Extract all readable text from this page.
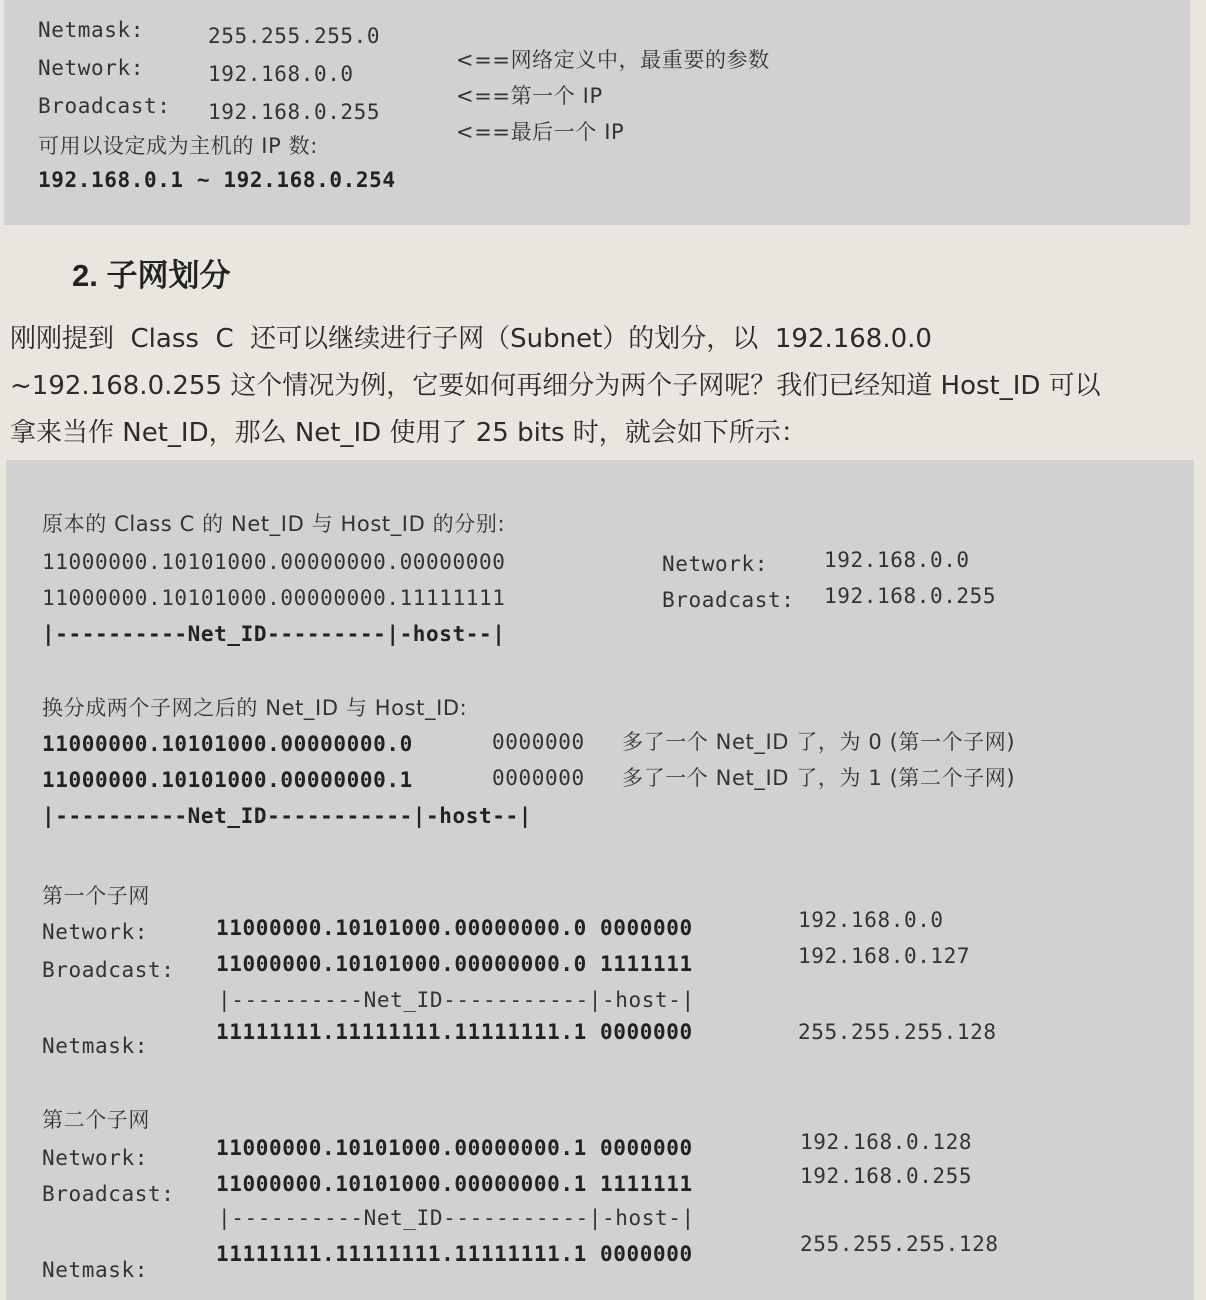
Netmask:	255.255.255.0
<==网络定义中，最重要的参数
Network:	192.168.0.0
<==第一个 IP
Broadcast: 192.168.0.255
<==最后一个 IP
可用以设定成为主机的 IP 数:
192.168.0.1 ~ 192.168.0.254
2. 子网划分
刚刚提到  Class  C  还可以继续进行子网（Subnet）的划分，以  192.168.0.0
~192.168.0.255 这个情况为例，它要如何再细分为两个子网呢？我们已经知道 Host_ID 可以
拿来当作 Net_ID，那么 Net_ID 使用了 25 bits 时，就会如下所示：
原本的 Class C 的 Net_ID 与 Host_ID 的分别:
11000000.10101000.00000000.00000000	Network:	192.168.0.0
11000000.10101000.00000000.11111111	Broadcast: 192.168.0.255
|----------Net_ID---------|-host--|
换分成两个子网之后的 Net_ID 与 Host_ID:
11000000.10101000.00000000.0	0000000 多了一个 Net_ID 了，为 0 (第一个子网)
11000000.10101000.00000000.1	0000000 多了一个 Net_ID 了，为 1 (第二个子网)
|----------Net_ID-----------|-host--|
第一个子网
Network:	11000000.10101000.00000000.0 0000000	192.168.0.0
Broadcast: 11000000.10101000.00000000.0 1111111	192.168.0.127
|----------Net_ID-----------|-host-|
Netmask:
11111111.11111111.11111111.1 0000000	255.255.255.128
第二个子网
Network:	11000000.10101000.00000000.1 0000000	192.168.0.128
Broadcast: 11000000.10101000.00000000.1 1111111	192.168.0.255
|----------Net_ID-----------|-host-|
Netmask:
11111111.11111111.11111111.1 0000000	255.255.255.128
